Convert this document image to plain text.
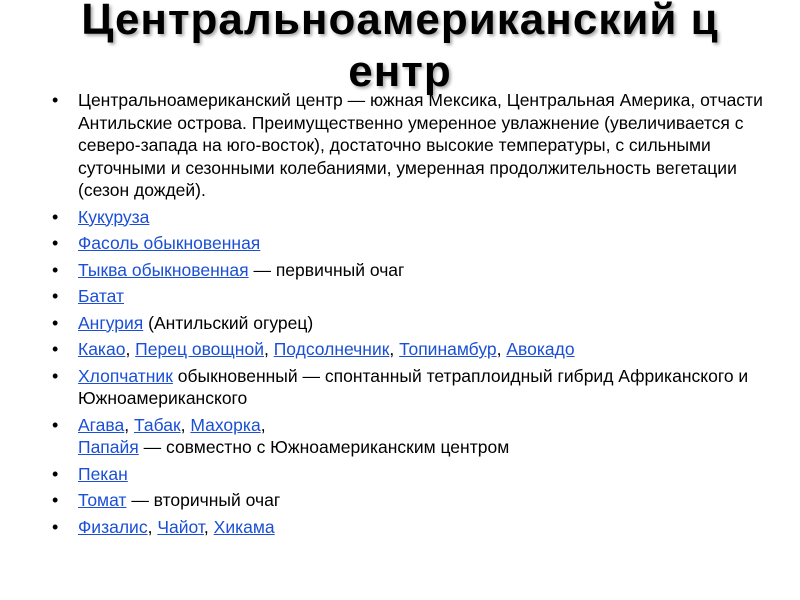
Центральноамериканский ц
ентр
• Центральноамериканский центр — южная Мексика, Центральная Америка, отчасти Антильские острова. Преимущественно умеренное увлажнение (увеличивается с северо-запада на юго-восток), достаточно высокие температуры, с сильными суточными и сезонными колебаниями, умеренная продолжительность вегетации (сезон дождей).
• Кукуруза
• Фасоль обыкновенная
• Тыква обыкновенная — первичный очаг
• Батат
• Ангурия (Антильский огурец)
• Какао, Перец овощной, Подсолнечник, Топинамбур, Авокадо
• Хлопчатник обыкновенный — спонтанный тетраплоидный гибрид Африканского и Южноамериканского
• Агава, Табак, Махорка,
Папайя — совместно с Южноамериканским центром
• Пекан
• Томат — вторичный очаг
• Физалис, Чайот, Хикама
